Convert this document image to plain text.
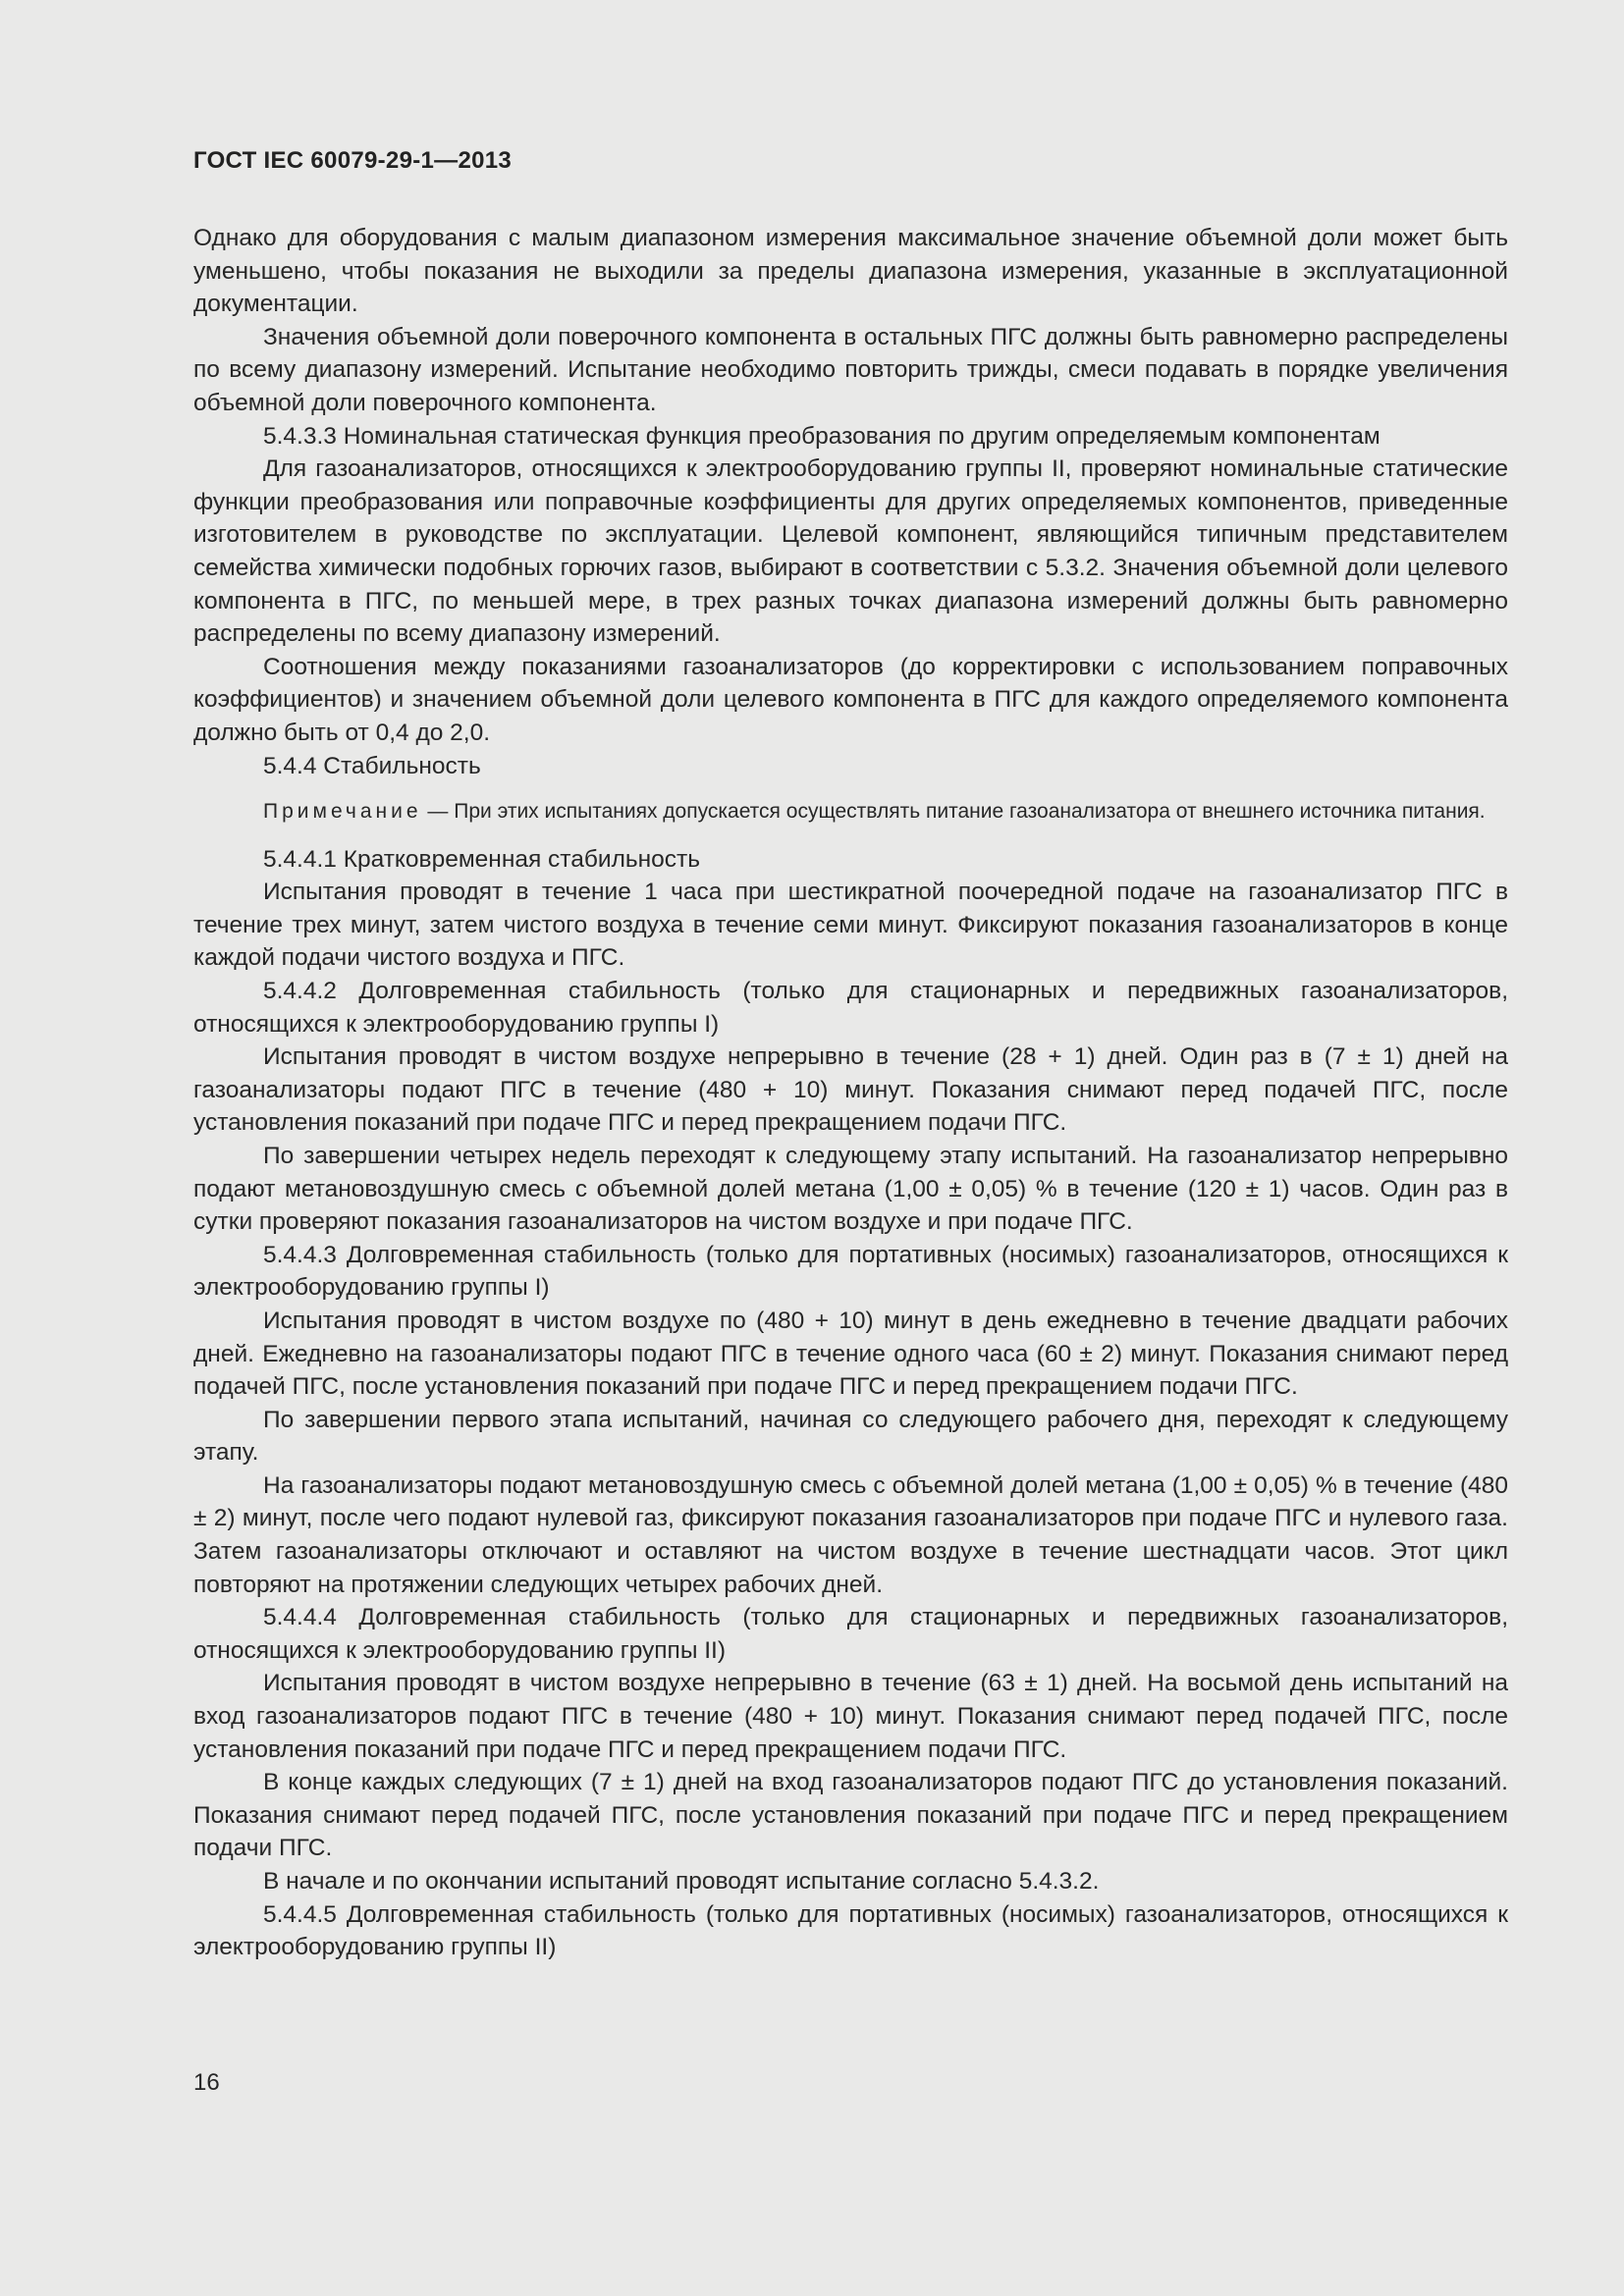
ГОСТ IEC 60079-29-1—2013

Однако для оборудования с малым диапазоном измерения максимальное значение объемной доли может быть уменьшено, чтобы показания не выходили за пределы диапазона измерения, указанные в эксплуатационной документации.

Значения объемной доли поверочного компонента в остальных ПГС должны быть равномерно распределены по всему диапазону измерений. Испытание необходимо повторить трижды, смеси подавать в порядке увеличения объемной доли поверочного компонента.

5.4.3.3 Номинальная статическая функция преобразования по другим определяемым компонентам

Для газоанализаторов, относящихся к электрооборудованию группы II, проверяют номинальные статические функции преобразования или поправочные коэффициенты для других определяемых компонентов, приведенные изготовителем в руководстве по эксплуатации. Целевой компонент, являющийся типичным представителем семейства химически подобных горючих газов, выбирают в соответствии с 5.3.2. Значения объемной доли целевого компонента в ПГС, по меньшей мере, в трех разных точках диапазона измерений должны быть равномерно распределены по всему диапазону измерений.

Соотношения между показаниями газоанализаторов (до корректировки с использованием поправочных коэффициентов) и значением объемной доли целевого компонента в ПГС для каждого определяемого компонента должно быть от 0,4 до 2,0.

5.4.4 Стабильность

Примечание — При этих испытаниях допускается осуществлять питание газоанализатора от внешнего источника питания.

5.4.4.1 Кратковременная стабильность

Испытания проводят в течение 1 часа при шестикратной поочередной подаче на газоанализатор ПГС в течение трех минут, затем чистого воздуха в течение семи минут. Фиксируют показания газоанализаторов в конце каждой подачи чистого воздуха и ПГС.

5.4.4.2 Долговременная стабильность (только для стационарных и передвижных газоанализаторов, относящихся к электрооборудованию группы I)

Испытания проводят в чистом воздухе непрерывно в течение (28 + 1) дней. Один раз в (7 ± 1) дней на газоанализаторы подают ПГС в течение (480 + 10) минут. Показания снимают перед подачей ПГС, после установления показаний при подаче ПГС и перед прекращением подачи ПГС.

По завершении четырех недель переходят к следующему этапу испытаний. На газоанализатор непрерывно подают метановоздушную смесь с объемной долей метана (1,00 ± 0,05) % в течение (120 ± 1) часов. Один раз в сутки проверяют показания газоанализаторов на чистом воздухе и при подаче ПГС.

5.4.4.3 Долговременная стабильность (только для портативных (носимых) газоанализаторов, относящихся к электрооборудованию группы I)

Испытания проводят в чистом воздухе по (480 + 10) минут в день ежедневно в течение двадцати рабочих дней. Ежедневно на газоанализаторы подают ПГС в течение одного часа (60 ± 2) минут. Показания снимают перед подачей ПГС, после установления показаний при подаче ПГС и перед прекращением подачи ПГС.

По завершении первого этапа испытаний, начиная со следующего рабочего дня, переходят к следующему этапу.

На газоанализаторы подают метановоздушную смесь с объемной долей метана (1,00 ± 0,05) % в течение (480 ± 2) минут, после чего подают нулевой газ, фиксируют показания газоанализаторов при подаче ПГС и нулевого газа. Затем газоанализаторы отключают и оставляют на чистом воздухе в течение шестнадцати часов. Этот цикл повторяют на протяжении следующих четырех рабочих дней.

5.4.4.4 Долговременная стабильность (только для стационарных и передвижных газоанализаторов, относящихся к электрооборудованию группы II)

Испытания проводят в чистом воздухе непрерывно в течение (63 ± 1) дней. На восьмой день испытаний на вход газоанализаторов подают ПГС в течение (480 + 10) минут. Показания снимают перед подачей ПГС, после установления показаний при подаче ПГС и перед прекращением подачи ПГС.

В конце каждых следующих (7 ± 1) дней на вход газоанализаторов подают ПГС до установления показаний. Показания снимают перед подачей ПГС, после установления показаний при подаче ПГС и перед прекращением подачи ПГС.

В начале и по окончании испытаний проводят испытание согласно 5.4.3.2.

5.4.4.5 Долговременная стабильность (только для портативных (носимых) газоанализаторов, относящихся к электрооборудованию группы II)

16
